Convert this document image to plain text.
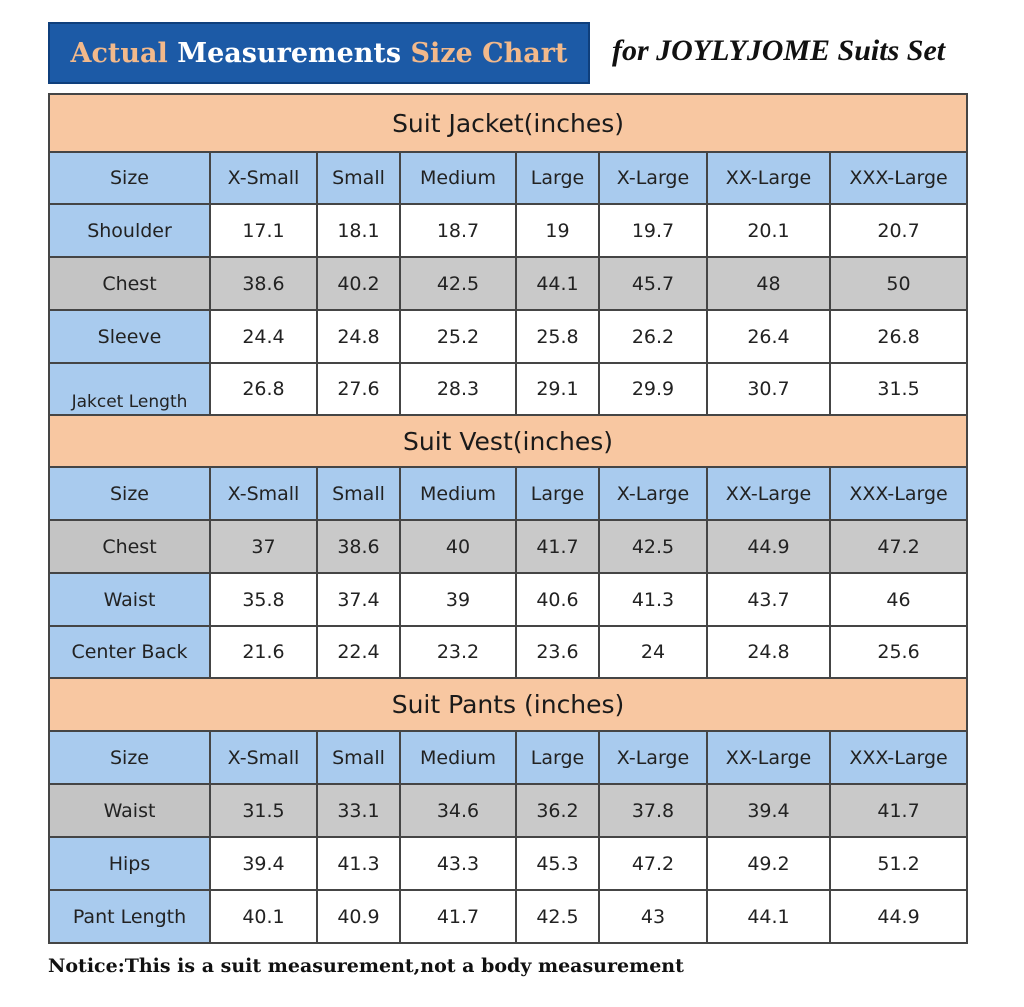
Actual
Measurements
Size Chart for JOYLYJOME Suits Set
Suit Jacket(inches)							
Size	X-Small	Small	Medium	Large	X-Large	XX-Large	XXX-Large
Shoulder	17.1	18.1	18.7	19	19.7	20.1	20.7
Chest	38.6	40.2	42.5	44.1	45.7	48	50
Sleeve	24.4	24.8	25.2	25.8	26.2	26.4	26.8
Jakcet Length	26.8	27.6	28.3	29.1	29.9	30.7	31.5
Suit Vest(inches)							
Size	X-Small	Small	Medium	Large	X-Large	XX-Large	XXX-Large
Chest	37	38.6	40	41.7	42.5	44.9	47.2
Waist	35.8	37.4	39	40.6	41.3	43.7	46
Center Back	21.6	22.4	23.2	23.6	24	24.8	25.6
Suit Pants (inches)							
Size	X-Small	Small	Medium	Large	X-Large	XX-Large	XXX-Large
Waist	31.5	33.1	34.6	36.2	37.8	39.4	41.7
Hips	39.4	41.3	43.3	45.3	47.2	49.2	51.2
Pant Length	40.1	40.9	41.7	42.5	43	44.1	44.9
Notice:This is a suit measurement,not a body measurement
